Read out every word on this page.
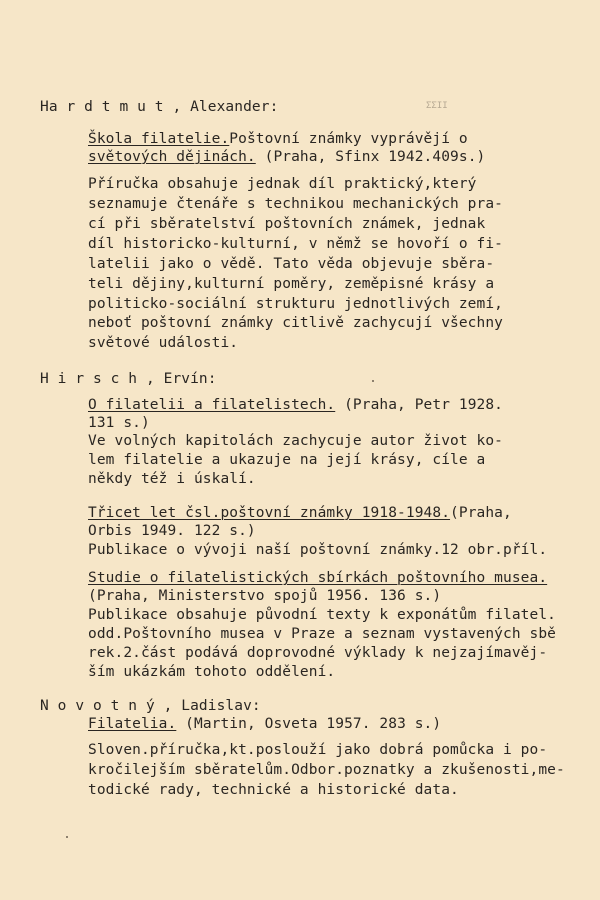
Ha r d t m u t , Alexander:	ΣΣΙΙ
Škola filatelie.Poštovní známky vyprávějí o
světových dějinách. (Praha, Sfinx 1942.409s.)
Příručka obsahuje jednak díl praktický,který
seznamuje čtenáře s technikou mechanických pra-
cí při sběratelství poštovních známek, jednak
díl historicko-kulturní, v němž se hovoří o fi-
latelii jako o vědě. Tato věda objevuje sběra-
teli dějiny,kulturní poměry, zeměpisné krásy a
politicko-sociální strukturu jednotlivých zemí,
neboť poštovní známky citlivě zachycují všechny
světové události.
H i r s c h , Ervín:
O filatelii a filatelistech. (Praha, Petr 1928.
131 s.)
Ve volných kapitolách zachycuje autor život ko-
lem filatelie a ukazuje na její krásy, cíle a
někdy též i úskalí.
Třicet let čsl.poštovní známky 1918-1948.(Praha,
Orbis 1949. 122 s.)
Publikace o vývoji naší poštovní známky.12 obr.příl.
Studie o filatelistických sbírkách poštovního musea.
(Praha, Ministerstvo spojů 1956. 136 s.)
Publikace obsahuje původní texty k exponátům filatel.
odd.Poštovního musea v Praze a seznam vystavených sbě
rek.2.část podává doprovodné výklady k nejzajímavěj-
ším ukázkám tohoto oddělení.
N o v o t n ý , Ladislav:
Filatelia. (Martin, Osveta 1957. 283 s.)
Sloven.příručka,kt.poslouží jako dobrá pomůcka i po-
kročilejším sběratelům.Odbor.poznatky a zkušenosti,me-
todické rady, technické a historické data.
